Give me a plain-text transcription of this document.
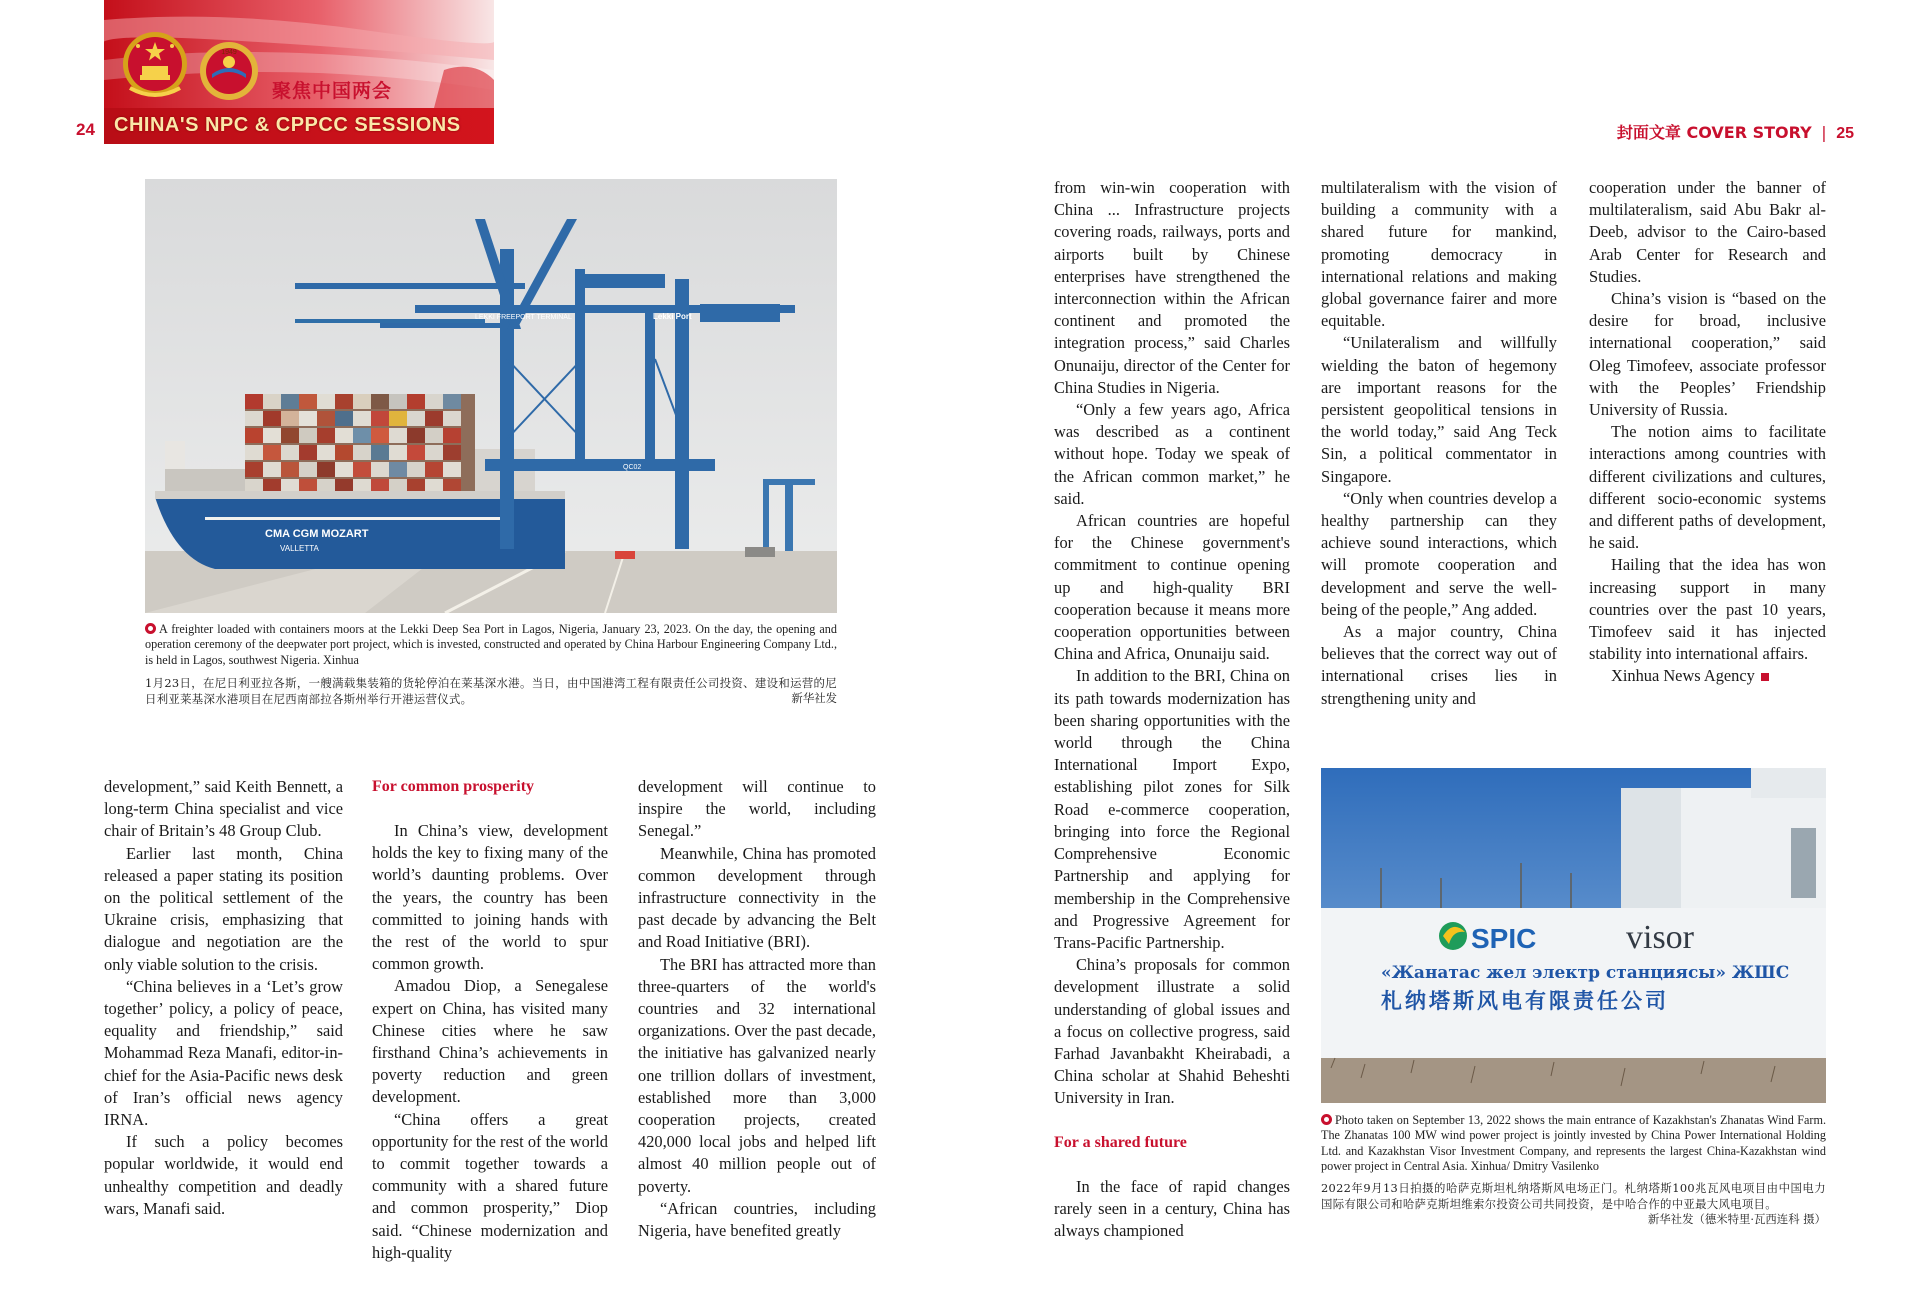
1949
聚焦中国两会
CHINA'S NPC & CPPCC SESSIONS
24	封面文章 COVER STORY | 25
CMA CGM MOZART
VALLETTA
LEKKI FREEPORT TERMINAL	Lekki Port
QC02
A freighter loaded with containers moors at the Lekki Deep Sea Port in Lagos, Nigeria, January 23, 2023. On the day, the opening and operation ceremony of the deepwater port project, which is invested, constructed and operated by China Harbour Engineering Company Ltd., is held in Lagos, southwest Nigeria. Xinhua
1月23日，在尼日利亚拉各斯，一艘满载集装箱的货轮停泊在莱基深水港。当日，由中国港湾工程有限责任公司投资、建设和运营的尼日利亚莱基深水港项目在尼西南部拉各斯州举行开港运营仪式。	新华社发

development,” said Keith Bennett, a long-term China specialist and vice chair of Britain’s 48 Group Club.

Earlier last month, China released a paper stating its position on the political settlement of the Ukraine crisis, emphasizing that dialogue and negotiation are the only viable solution to the crisis.

“China believes in a ‘Let’s grow together’ policy, a policy of peace, equality and friendship,” said Mohammad Reza Manafi, editor-in-chief for the Asia-Pacific news desk of Iran’s official news agency IRNA.

If such a policy becomes popular worldwide, it would end unhealthy competition and deadly wars, Manafi said.

For common prosperity

In China’s view, development holds the key to fixing many of the world’s daunting problems. Over the years, the country has been committed to joining hands with the rest of the world to spur common growth.

Amadou Diop, a Senegalese expert on China, has visited many Chinese cities where he saw firsthand China’s achievements in poverty reduction and green development.

“China offers a great opportunity for the rest of the world to commit together towards a community with a shared future and common prosperity,” Diop said. “Chinese modernization and high-quality

development will continue to inspire the world, including Senegal.”

Meanwhile, China has promoted common development through infrastructure connectivity in the past decade by advancing the Belt and Road Initiative (BRI).

The BRI has attracted more than three-quarters of the world's countries and 32 international organizations. Over the past decade, the initiative has galvanized nearly one trillion dollars of investment, established more than 3,000 cooperation projects, created 420,000 local jobs and helped lift almost 40 million people out of poverty.

“African countries, including Nigeria, have benefited greatly

from win-win cooperation with China ... Infrastructure projects covering roads, railways, ports and airports built by Chinese enterprises have strengthened the interconnection within the African continent and promoted the integration process,” said Charles Onunaiju, director of the Center for China Studies in Nigeria.

“Only a few years ago, Africa was described as a continent without hope. Today we speak of the African common market,” he said.

African countries are hopeful for the Chinese government's commitment to continue opening up and high-quality BRI cooperation because it means more cooperation opportunities between China and Africa, Onunaiju said.

In addition to the BRI, China on its path towards modernization has been sharing opportunities with the world through the China International Import Expo, establishing pilot zones for Silk Road e-commerce cooperation, bringing into force the Regional Comprehensive Economic Partnership and applying for membership in the Comprehensive and Progressive Agreement for Trans-Pacific Partnership.

China’s proposals for common development illustrate a solid understanding of global issues and a focus on collective progress, said Farhad Javanbakht Kheirabadi, a China scholar at Shahid Beheshti University in Iran.

For a shared future

In the face of rapid changes rarely seen in a century, China has always championed

multilateralism with the vision of building a community with a shared future for mankind, promoting democracy in international relations and making global governance fairer and more equitable.

“Unilateralism and willfully wielding the baton of hegemony are important reasons for the persistent geopolitical tensions in the world today,” said Ang Teck Sin, a political commentator in Singapore.

“Only when countries develop a healthy partnership can they achieve sound interactions, which will promote cooperation and development and serve the well-being of the people,” Ang added.

As a major country, China believes that the correct way out of international crises lies in strengthening unity and

cooperation under the banner of multilateralism, said Abu Bakr al-Deeb, advisor to the Cairo-based Arab Center for Research and Studies.

China’s vision is “based on the desire for broad, inclusive international cooperation,” said Oleg Timofeev, associate professor with the Peoples’ Friendship University of Russia.

The notion aims to facilitate interactions among countries with different civilizations and cultures, different socio-economic systems and different paths of development, he said.

Hailing that the idea has won increasing support in many countries over the past 10 years, Timofeev said it has injected stability into international affairs.

Xinhua News Agency

SPIC	visor
«Жанатас жел электр станциясы» ЖШС
札纳塔斯风电有限责任公司
Photo taken on September 13, 2022 shows the main entrance of Kazakhstan's Zhanatas Wind Farm. The Zhanatas 100 MW wind power project is jointly invested by China Power International Holding Ltd. and Kazakhstan Visor Investment Company, and represents the largest China-Kazakhstan wind power project in Central Asia. Xinhua/ Dmitry Vasilenko
2022年9月13日拍摄的哈萨克斯坦札纳塔斯风电场正门。札纳塔斯100兆瓦风电项目由中国电力国际有限公司和哈萨克斯坦维索尔投资公司共同投资，是中哈合作的中亚最大风电项目。
新华社发（德米特里·瓦西连科 摄）
